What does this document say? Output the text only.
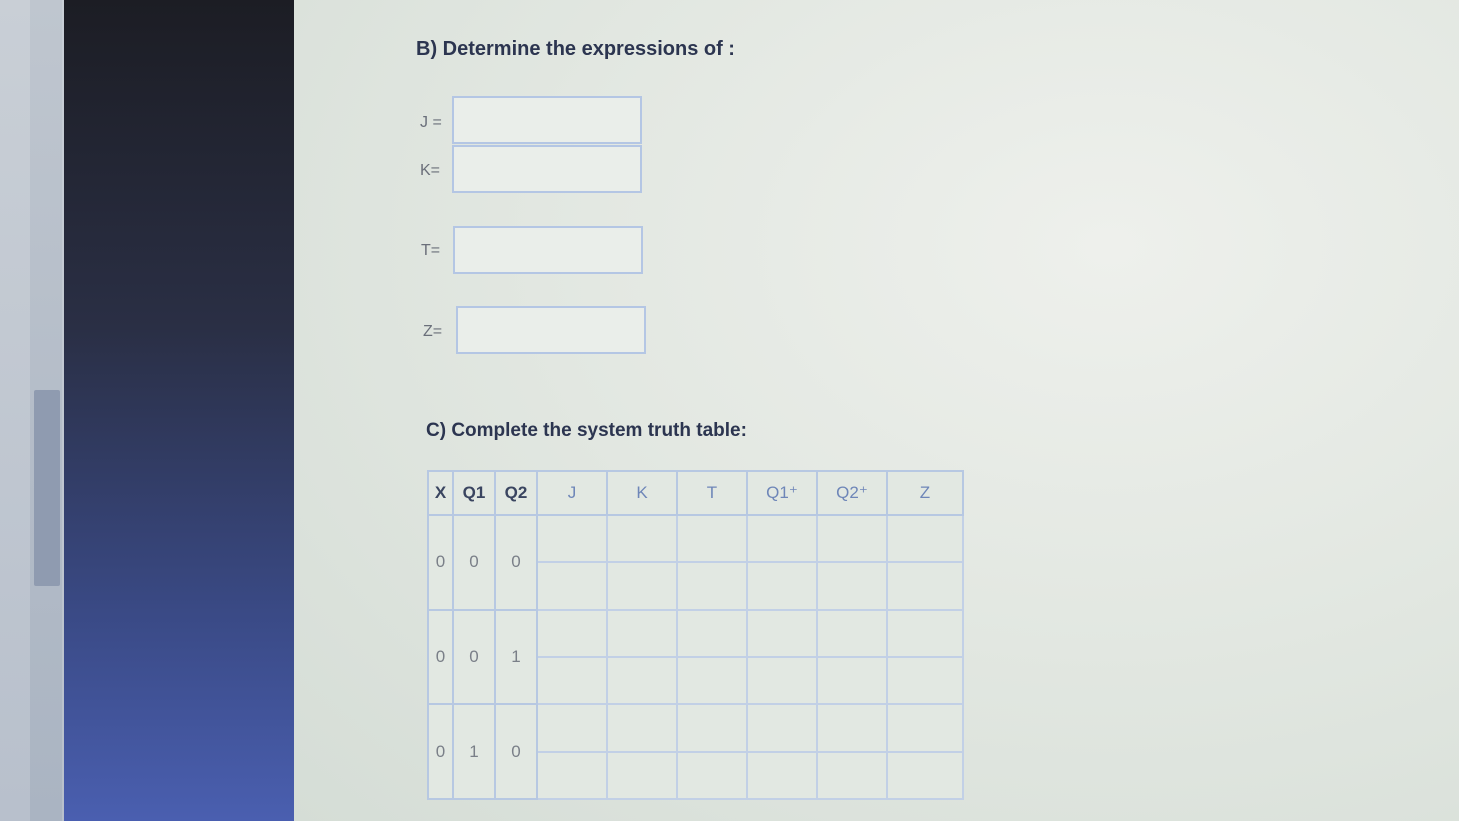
B) Determine the expressions of :
J =
K=
T=
Z=
C) Complete the system truth table:
X	Q1	Q2	J	K	T	Q1⁺	Q2⁺	Z
0	0	0						

0	0	1						

0	1	0						
